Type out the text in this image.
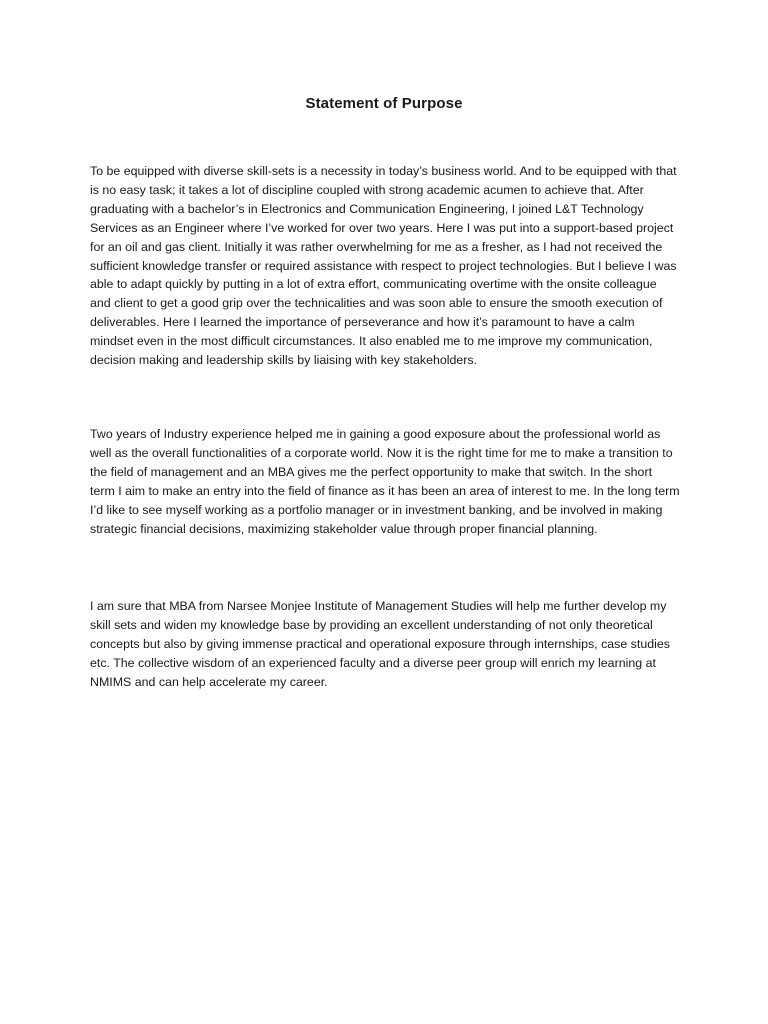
Statement of Purpose

To be equipped with diverse skill-sets is a necessity in today’s business world. And to be equipped with that is no easy task; it takes a lot of discipline coupled with strong academic acumen to achieve that. After graduating with a bachelor’s in Electronics and Communication Engineering, I joined L&T Technology Services as an Engineer where I’ve worked for over two years. Here I was put into a support-based project for an oil and gas client. Initially it was rather overwhelming for me as a fresher, as I had not received the sufficient knowledge transfer or required assistance with respect to project technologies. But I believe I was able to adapt quickly by putting in a lot of extra effort, communicating overtime with the onsite colleague and client to get a good grip over the technicalities and was soon able to ensure the smooth execution of deliverables. Here I learned the importance of perseverance and how it’s paramount to have a calm mindset even in the most difficult circumstances. It also enabled me to me improve my communication, decision making and leadership skills by liaising with key stakeholders.

Two years of Industry experience helped me in gaining a good exposure about the professional world as well as the overall functionalities of a corporate world. Now it is the right time for me to make a transition to the field of management and an MBA gives me the perfect opportunity to make that switch. In the short term I aim to make an entry into the field of finance as it has been an area of interest to me. In the long term I’d like to see myself working as a portfolio manager or in investment banking, and be involved in making strategic financial decisions, maximizing stakeholder value through proper financial planning.

I am sure that MBA from Narsee Monjee Institute of Management Studies will help me further develop my skill sets and widen my knowledge base by providing an excellent understanding of not only theoretical concepts but also by giving immense practical and operational exposure through internships, case studies etc. The collective wisdom of an experienced faculty and a diverse peer group will enrich my learning at NMIMS and can help accelerate my career.
